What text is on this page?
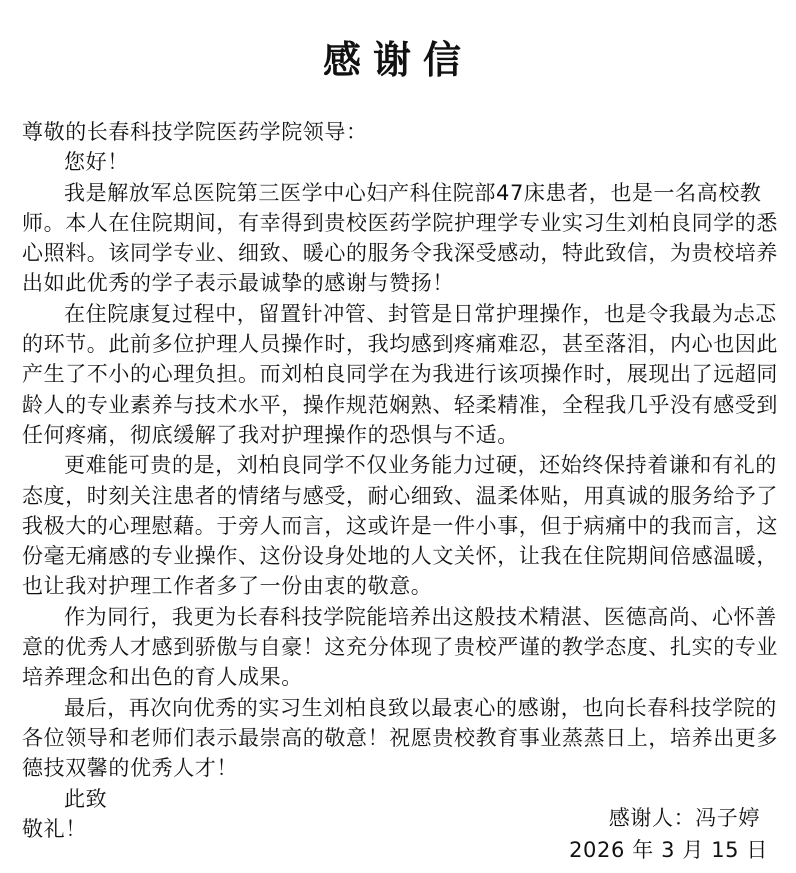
感谢信

尊敬的长春科技学院医药学院领导：

您好！

我是解放军总医院第三医学中心妇产科住院部47床患者，也是一名高校教师。本人在住院期间，有幸得到贵校医药学院护理学专业实习生刘柏良同学的悉心照料。该同学专业、细致、暖心的服务令我深受感动，特此致信，为贵校培养出如此优秀的学子表示最诚挚的感谢与赞扬！

在住院康复过程中，留置针冲管、封管是日常护理操作，也是令我最为忐忑的环节。此前多位护理人员操作时，我均感到疼痛难忍，甚至落泪，内心也因此产生了不小的心理负担。而刘柏良同学在为我进行该项操作时，展现出了远超同龄人的专业素养与技术水平，操作规范娴熟、轻柔精准，全程我几乎没有感受到任何疼痛，彻底缓解了我对护理操作的恐惧与不适。

更难能可贵的是，刘柏良同学不仅业务能力过硬，还始终保持着谦和有礼的态度，时刻关注患者的情绪与感受，耐心细致、温柔体贴，用真诚的服务给予了我极大的心理慰藉。于旁人而言，这或许是一件小事，但于病痛中的我而言，这份毫无痛感的专业操作、这份设身处地的人文关怀，让我在住院期间倍感温暖，也让我对护理工作者多了一份由衷的敬意。

作为同行，我更为长春科技学院能培养出这般技术精湛、医德高尚、心怀善意的优秀人才感到骄傲与自豪！这充分体现了贵校严谨的教学态度、扎实的专业培养理念和出色的育人成果。

最后，再次向优秀的实习生刘柏良致以最衷心的感谢，也向长春科技学院的各位领导和老师们表示最崇高的敬意！祝愿贵校教育事业蒸蒸日上，培养出更多德技双馨的优秀人才！

此致

敬礼！	感谢人：冯子婷
2026 年 3 月 15 日
